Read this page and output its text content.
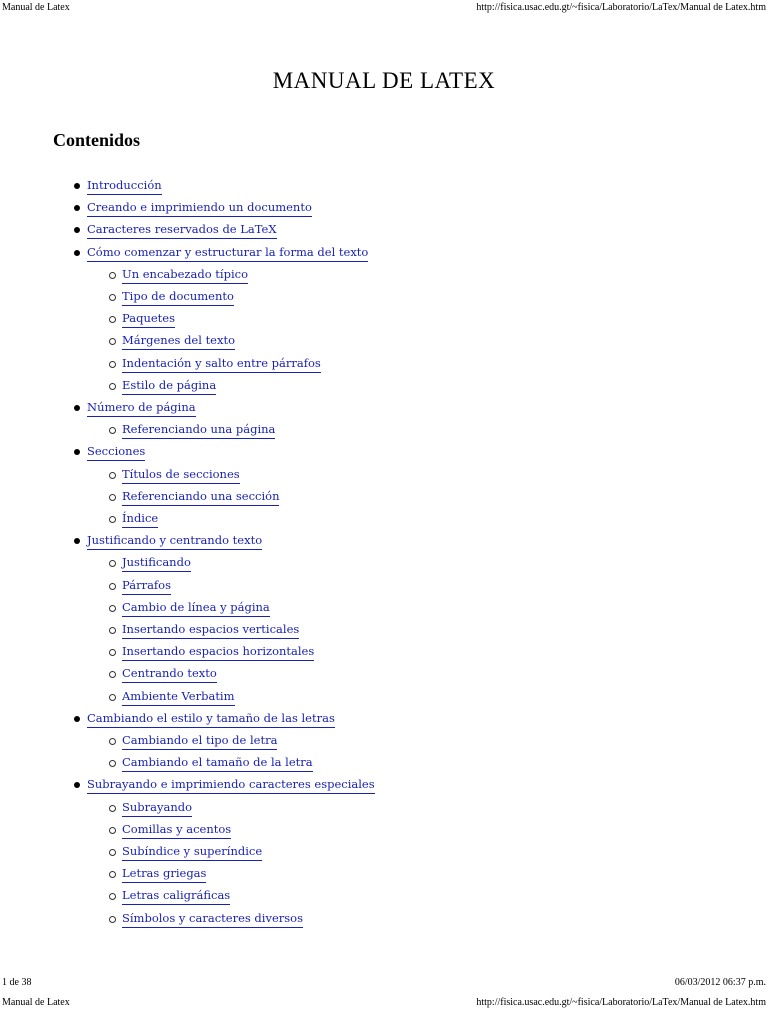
Manual de Latex	http://fisica.usac.edu.gt/~fisica/Laboratorio/LaTex/Manual de Latex.htm
MANUAL DE LATEX
Contenidos
Introducción
Creando e imprimiendo un documento
Caracteres reservados de LaTeX
Cómo comenzar y estructurar la forma del texto
Un encabezado típico
Tipo de documento
Paquetes
Márgenes del texto
Indentación y salto entre párrafos
Estilo de página
Número de página
Referenciando una página
Secciones
Títulos de secciones
Referenciando una sección
Índice
Justificando y centrando texto
Justificando
Párrafos
Cambio de línea y página
Insertando espacios verticales
Insertando espacios horizontales
Centrando texto
Ambiente Verbatim
Cambiando el estilo y tamaño de las letras
Cambiando el tipo de letra
Cambiando el tamaño de la letra
Subrayando e imprimiendo caracteres especiales
Subrayando
Comillas y acentos
Subíndice y superíndice
Letras griegas
Letras caligráficas
Símbolos y caracteres diversos
1 de 38	06/03/2012 06:37 p.m.
Manual de Latex	http://fisica.usac.edu.gt/~fisica/Laboratorio/LaTex/Manual de Latex.htm
